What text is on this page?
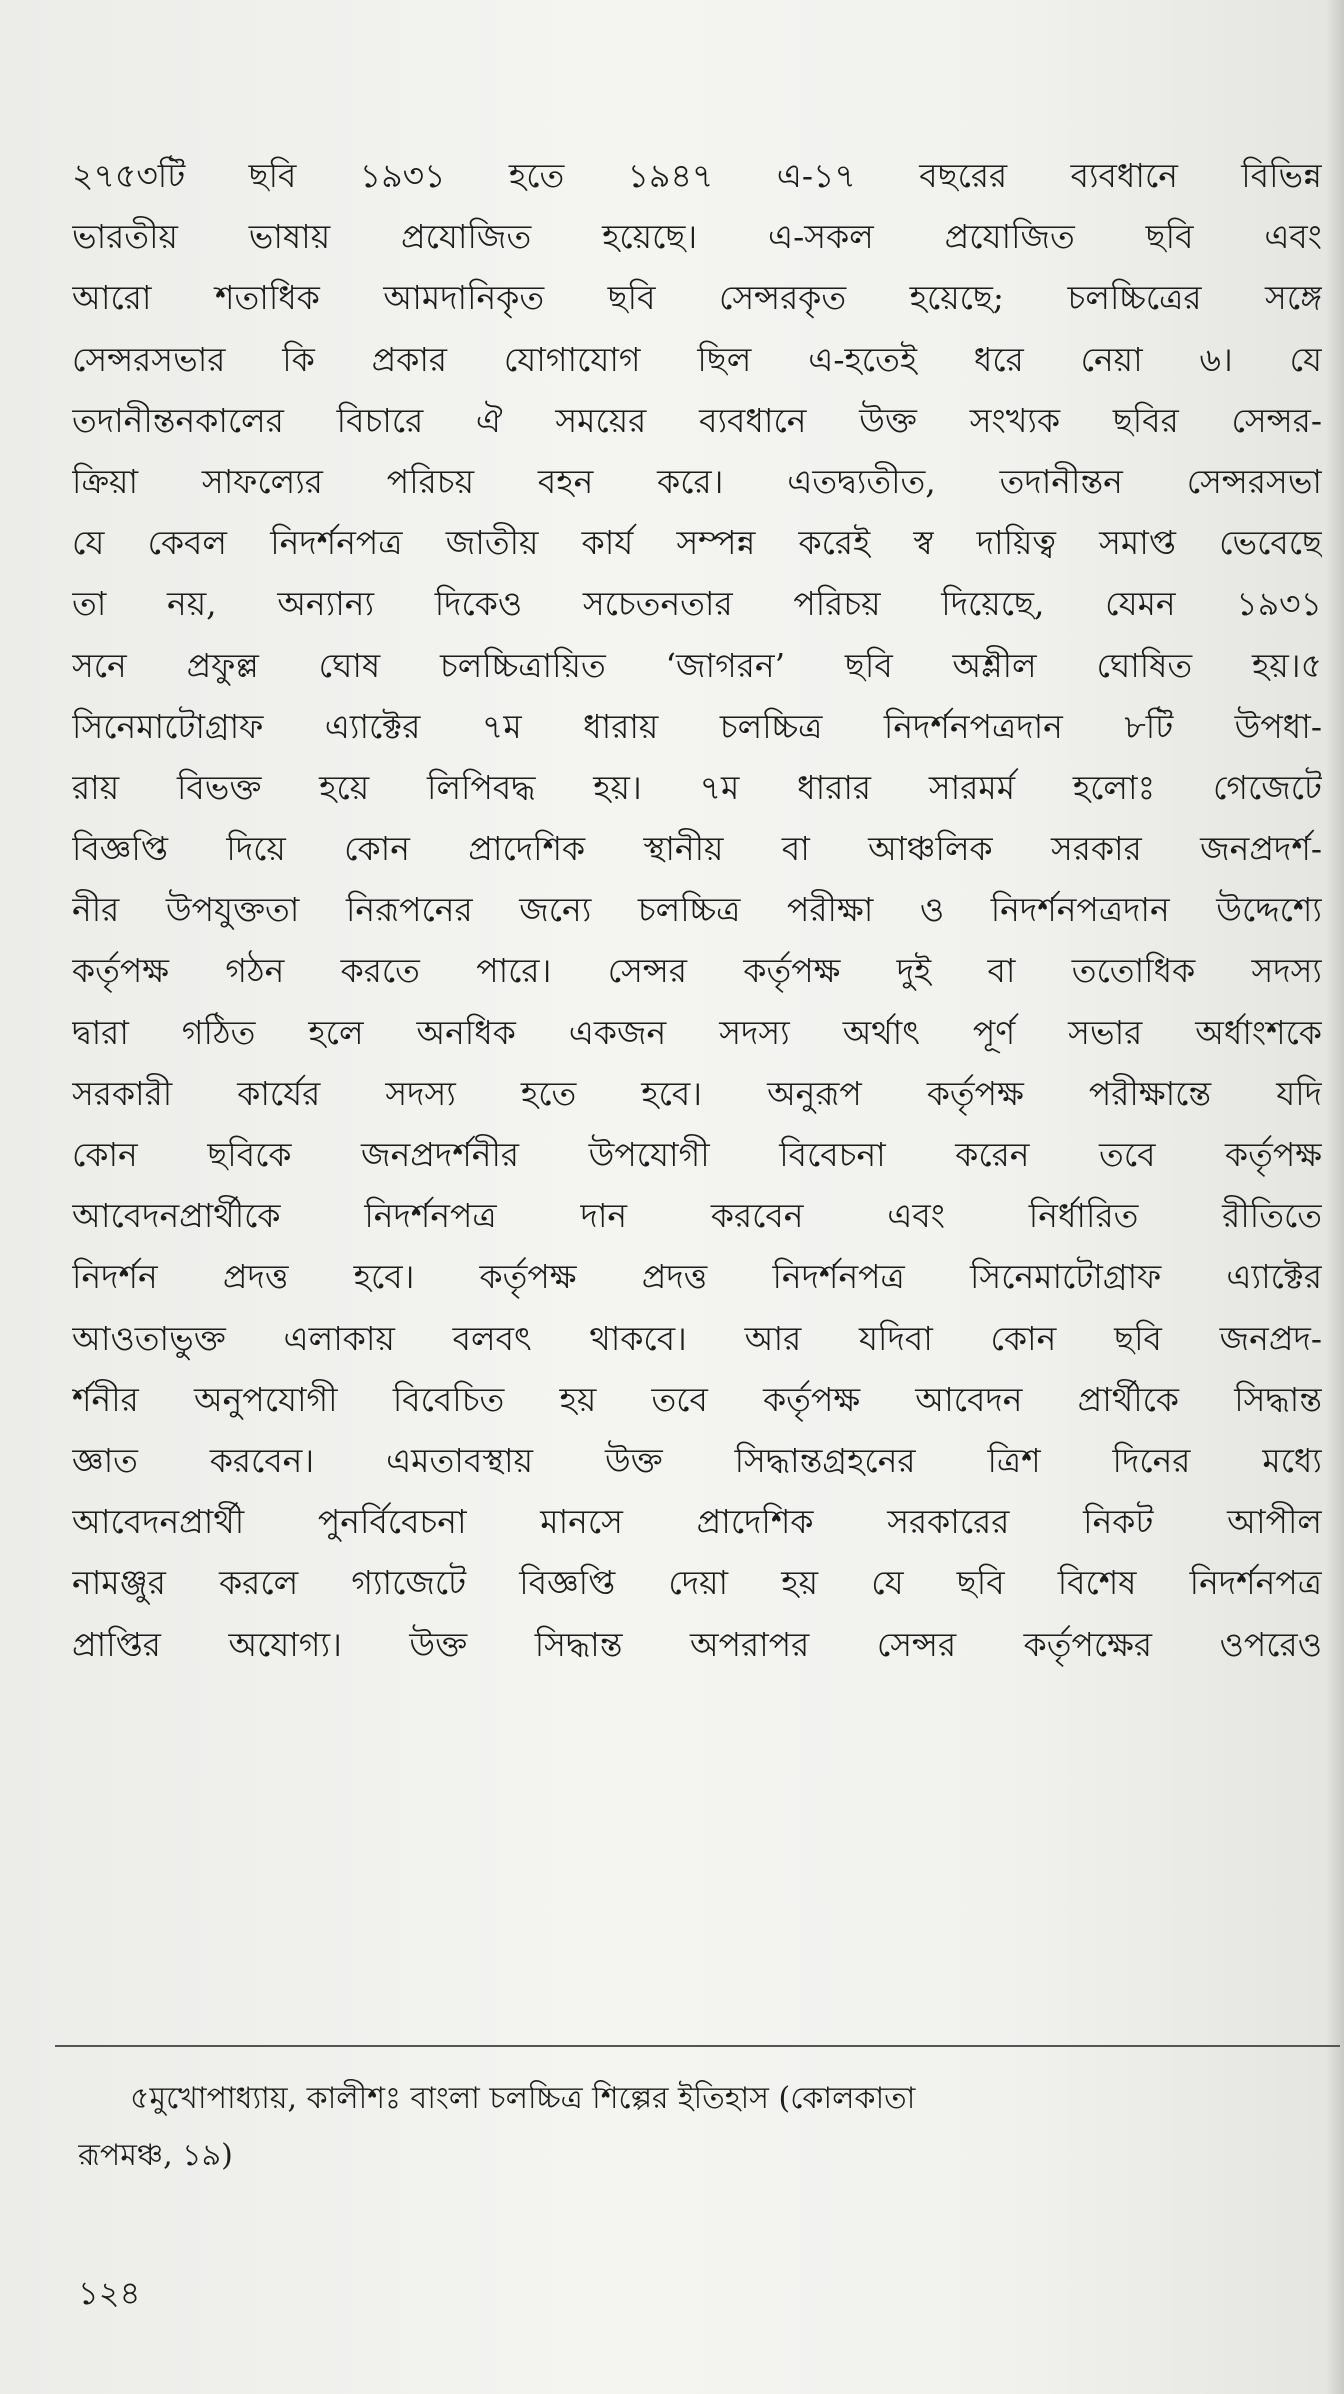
২৭৫৩টি ছবি ১৯৩১ হতে ১৯৪৭ এ-১৭ বছরের ব্যবধানে বিভিন্ন
ভারতীয় ভাষায় প্রযোজিত হয়েছে। এ-সকল প্রযোজিত ছবি এবং
আরো শতাধিক আমদানিকৃত ছবি সেন্সরকৃত হয়েছে; চলচ্চিত্রের সঙ্গে
সেন্সরসভার কি প্রকার যোগাযোগ ছিল এ-হতেই ধরে নেয়া ৬। যে
তদানীন্তনকালের বিচারে ঐ সময়ের ব্যবধানে উক্ত সংখ্যক ছবির সেন্সর-
ক্রিয়া সাফল্যের পরিচয় বহন করে। এতদ্ব্যতীত, তদানীন্তন সেন্সরসভা
যে কেবল নিদর্শনপত্র জাতীয় কার্য সম্পন্ন করেই স্ব দায়িত্ব সমাপ্ত ভেবেছে
তা নয়, অন্যান্য দিকেও সচেতনতার পরিচয় দিয়েছে, যেমন ১৯৩১
সনে প্রফুল্ল ঘোষ চলচ্চিত্রায়িত ‘জাগরন’ ছবি অশ্লীল ঘোষিত হয়।৫
সিনেমাটোগ্রাফ এ্যাক্টের ৭ম ধারায় চলচ্চিত্র নিদর্শনপত্রদান ৮টি উপধা-
রায় বিভক্ত হয়ে লিপিবদ্ধ হয়। ৭ম ধারার সারমর্ম হলোঃ গেজেটে
বিজ্ঞপ্তি দিয়ে কোন প্রাদেশিক স্থানীয় বা আঞ্চলিক সরকার জনপ্রদর্শ-
নীর উপযুক্ততা নিরূপনের জন্যে চলচ্চিত্র পরীক্ষা ও নিদর্শনপত্রদান উদ্দেশ্যে
কর্তৃপক্ষ গঠন করতে পারে। সেন্সর কর্তৃপক্ষ দুই বা ততোধিক সদস্য
দ্বারা গঠিত হলে অনধিক একজন সদস্য অর্থাৎ পূর্ণ সভার অর্ধাংশকে
সরকারী কার্যের সদস্য হতে হবে। অনুরূপ কর্তৃপক্ষ পরীক্ষান্তে যদি
কোন ছবিকে জনপ্রদর্শনীর উপযোগী বিবেচনা করেন তবে কর্তৃপক্ষ
আবেদনপ্রার্থীকে নিদর্শনপত্র দান করবেন এবং নির্ধারিত রীতিতে
নিদর্শন প্রদত্ত হবে। কর্তৃপক্ষ প্রদত্ত নিদর্শনপত্র সিনেমাটোগ্রাফ এ্যাক্টের
আওতাভুক্ত এলাকায় বলবৎ থাকবে। আর যদিবা কোন ছবি জনপ্রদ-
র্শনীর অনুপযোগী বিবেচিত হয় তবে কর্তৃপক্ষ আবেদন প্রার্থীকে সিদ্ধান্ত
জ্ঞাত করবেন। এমতাবস্থায় উক্ত সিদ্ধান্তগ্রহনের ত্রিশ দিনের মধ্যে
আবেদনপ্রার্থী পুনর্বিবেচনা মানসে প্রাদেশিক সরকারের নিকট আপীল
নামঞ্জুর করলে গ্যাজেটে বিজ্ঞপ্তি দেয়া হয় যে ছবি বিশেষ নিদর্শনপত্র
প্রাপ্তির অযোগ্য। উক্ত সিদ্ধান্ত অপরাপর সেন্সর কর্তৃপক্ষের ওপরেও
৫মুখোপাধ্যায়, কালীশঃ বাংলা চলচ্চিত্র শিল্পের ইতিহাস (কোলকাতা
রূপমঞ্চ, ১৯)
১২৪
